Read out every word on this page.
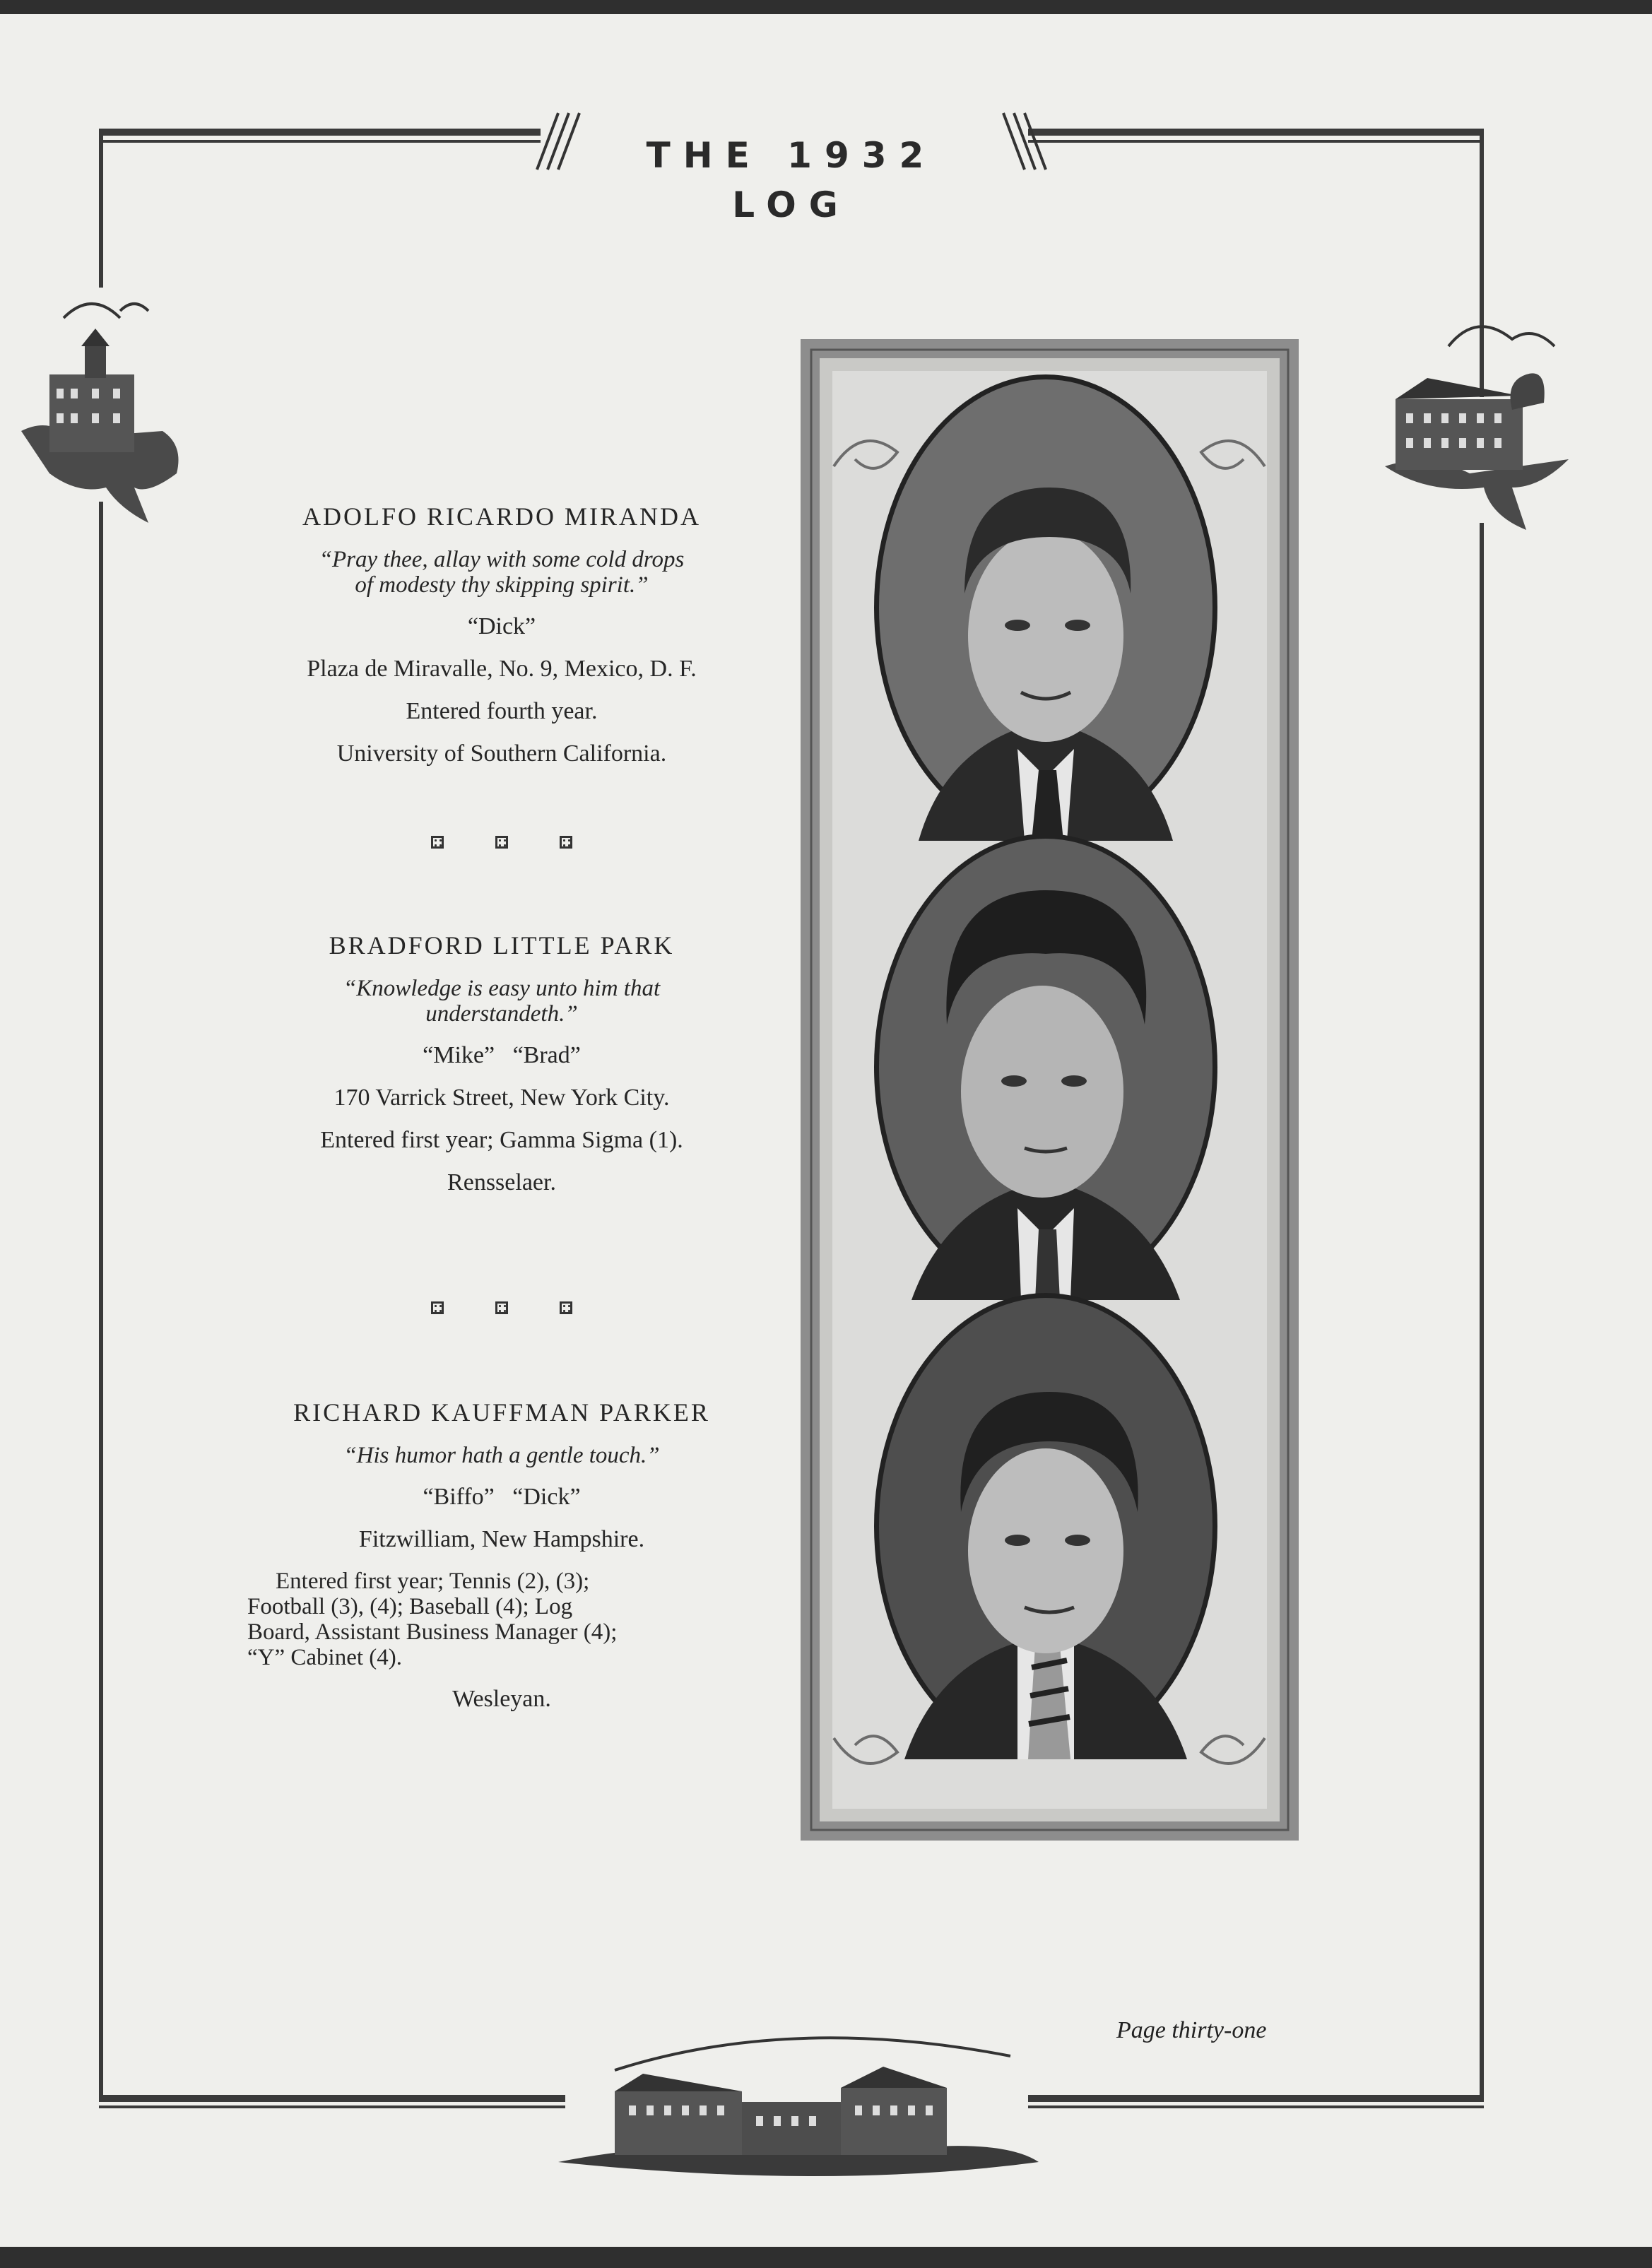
THE 1932 LOG
ADOLFO RICARDO MIRANDA
“Pray thee, allay with some cold drops
of modesty thy skipping spirit.”
“Dick”
Plaza de Miravalle, No. 9, Mexico, D. F.
Entered fourth year.
University of Southern California.
BRADFORD LITTLE PARK
“Knowledge is easy unto him that
understandeth.”
“Mike”   “Brad”
170 Varrick Street, New York City.
Entered first year; Gamma Sigma (1).
Rensselaer.
RICHARD KAUFFMAN PARKER
“His humor hath a gentle touch.”
“Biffo”   “Dick”
Fitzwilliam, New Hampshire.
Entered first year; Tennis (2), (3);
Football (3), (4); Baseball (4); Log
Board, Assistant Business Manager (4);
“Y” Cabinet (4).
Wesleyan.
Page thirty-one
